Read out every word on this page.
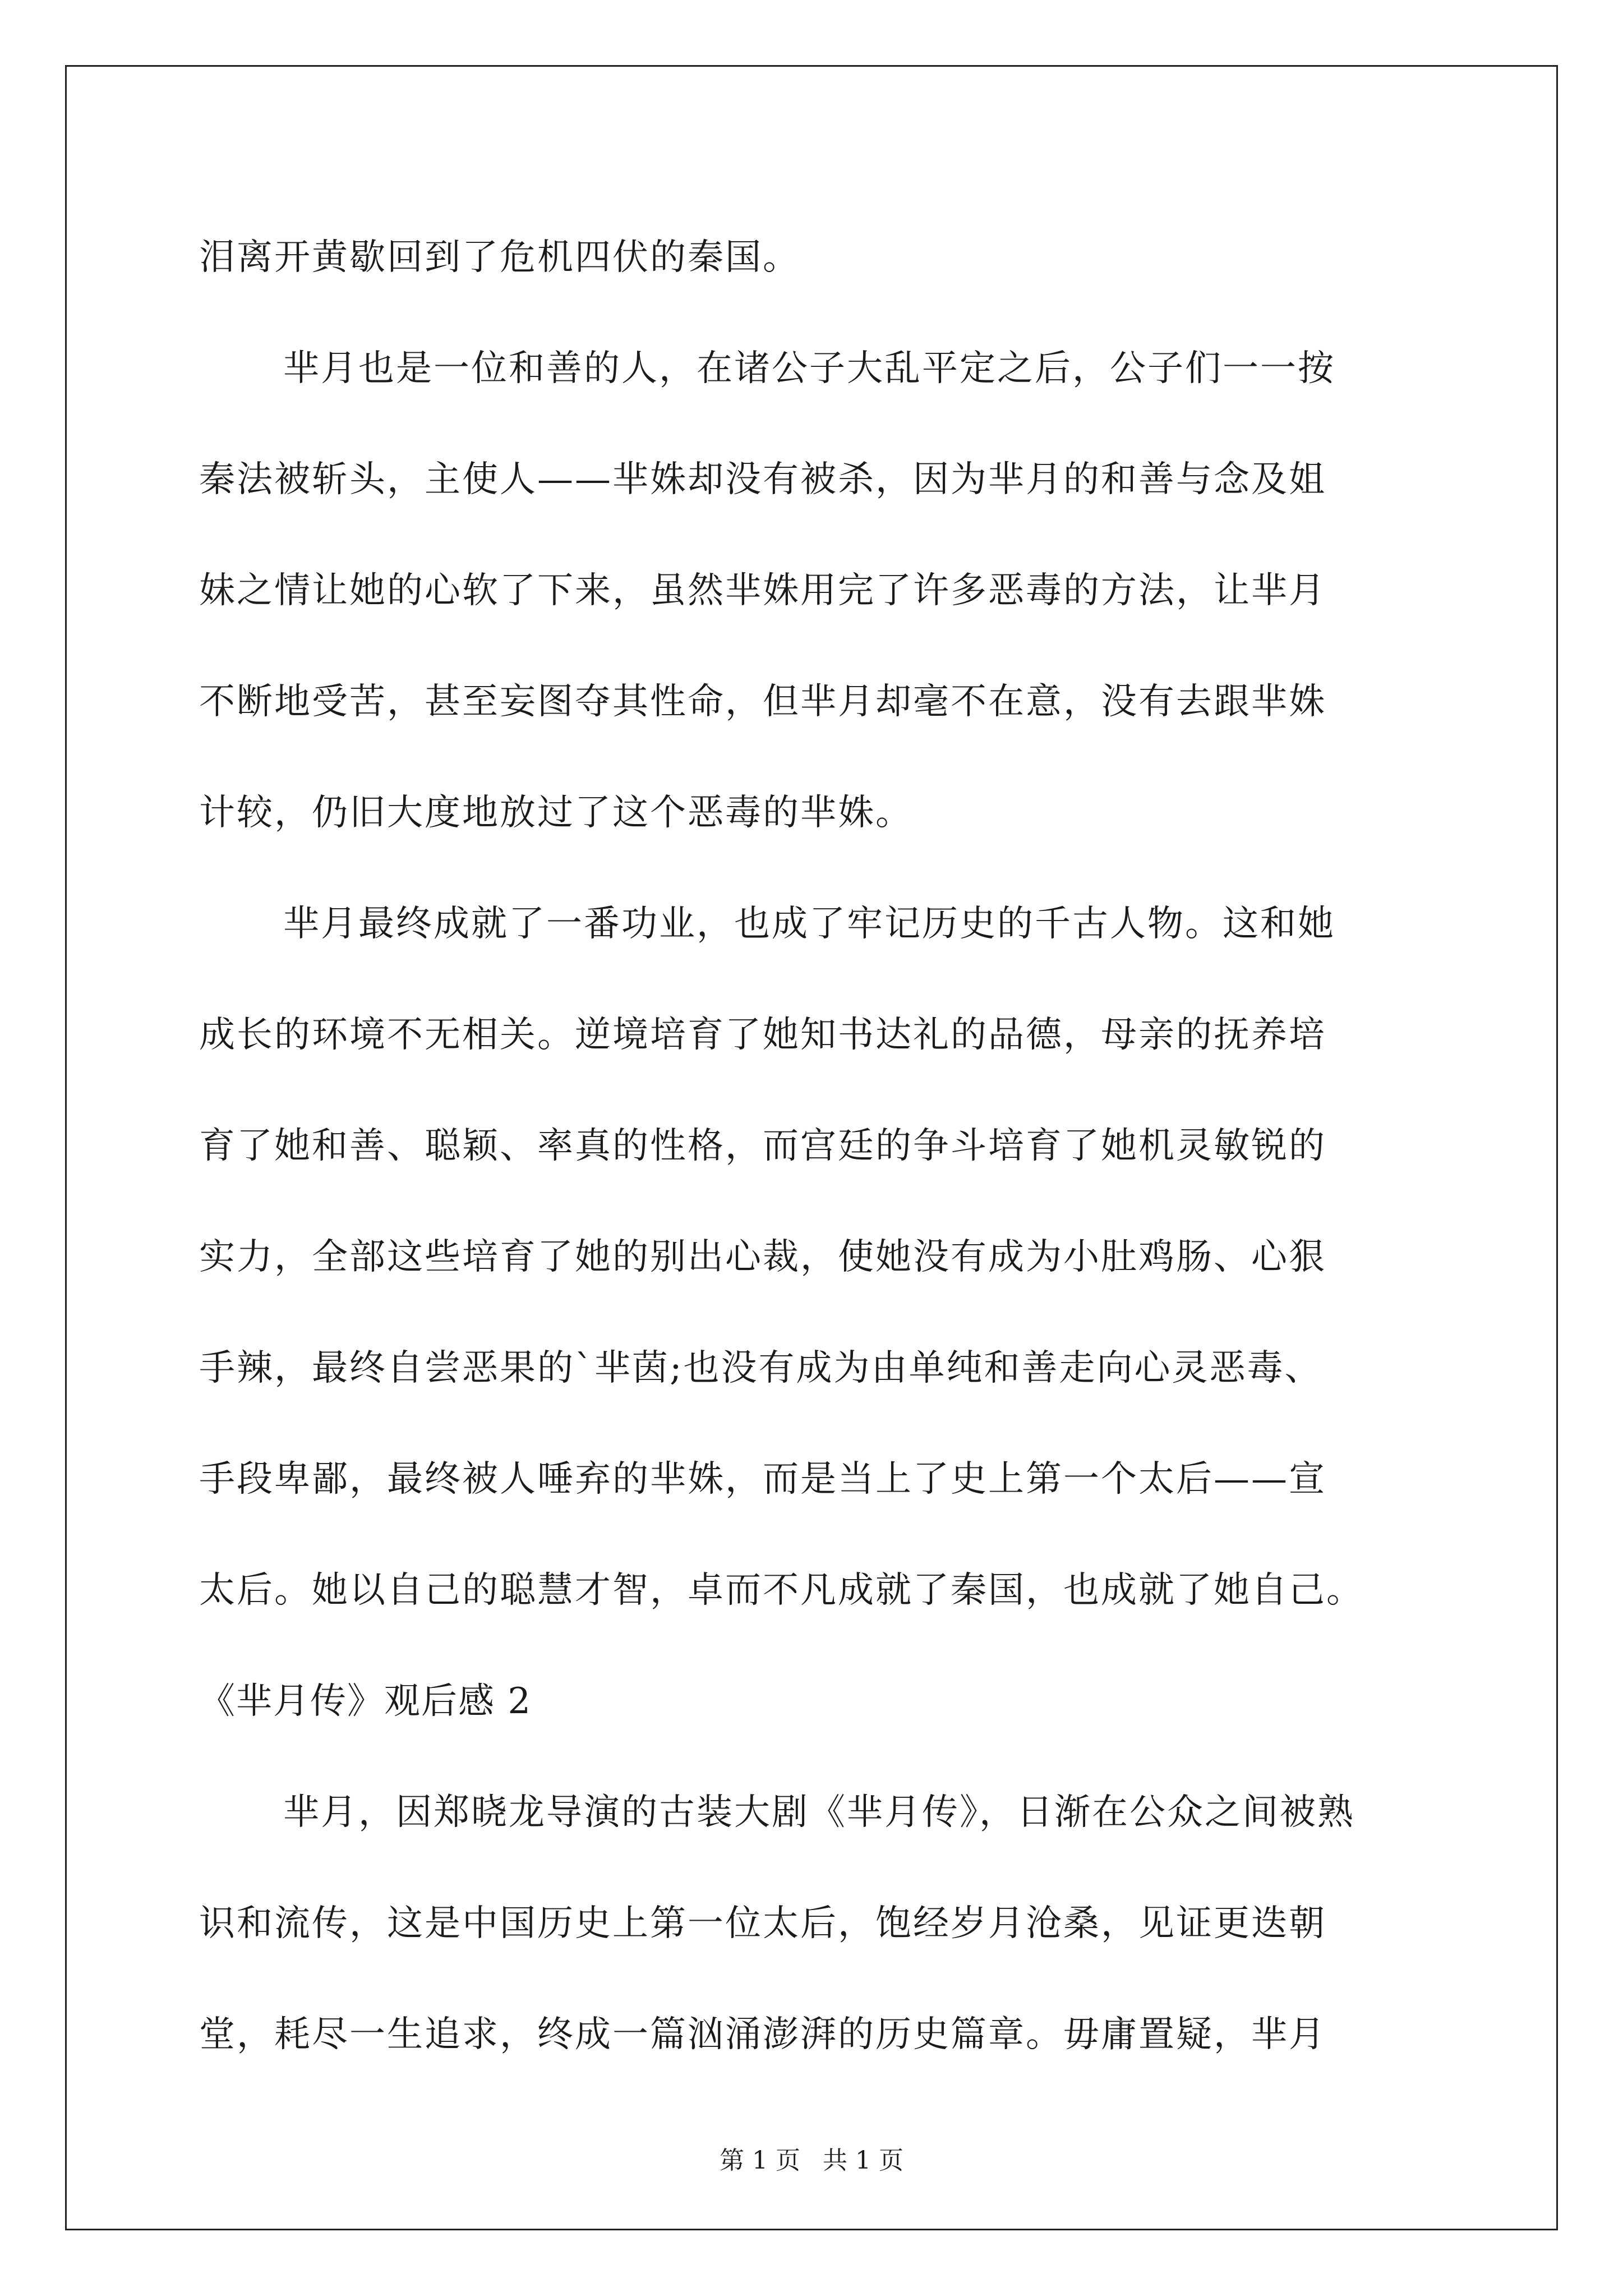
泪离开黄歇回到了危机四伏的秦国。
芈月也是一位和善的人，在诸公子大乱平定之后，公子们一一按
秦法被斩头，主使人——芈姝却没有被杀，因为芈月的和善与念及姐
妹之情让她的心软了下来，虽然芈姝用完了许多恶毒的方法，让芈月
不断地受苦，甚至妄图夺其性命，但芈月却毫不在意，没有去跟芈姝
计较，仍旧大度地放过了这个恶毒的芈姝。
芈月最终成就了一番功业，也成了牢记历史的千古人物。这和她
成长的环境不无相关。逆境培育了她知书达礼的品德，母亲的抚养培
育了她和善、聪颖、率真的性格，而宫廷的争斗培育了她机灵敏锐的
实力，全部这些培育了她的别出心裁，使她没有成为小肚鸡肠、心狠
手辣，最终自尝恶果的`芈茵;也没有成为由单纯和善走向心灵恶毒、
手段卑鄙，最终被人唾弃的芈姝，而是当上了史上第一个太后——宣
太后。她以自己的聪慧才智，卓而不凡成就了秦国，也成就了她自己。
《芈月传》观后感 2
芈月，因郑晓龙导演的古装大剧《芈月传》，日渐在公众之间被熟
识和流传，这是中国历史上第一位太后，饱经岁月沧桑，见证更迭朝
堂，耗尽一生追求，终成一篇汹涌澎湃的历史篇章。毋庸置疑，芈月
第 1 页 共 1 页
